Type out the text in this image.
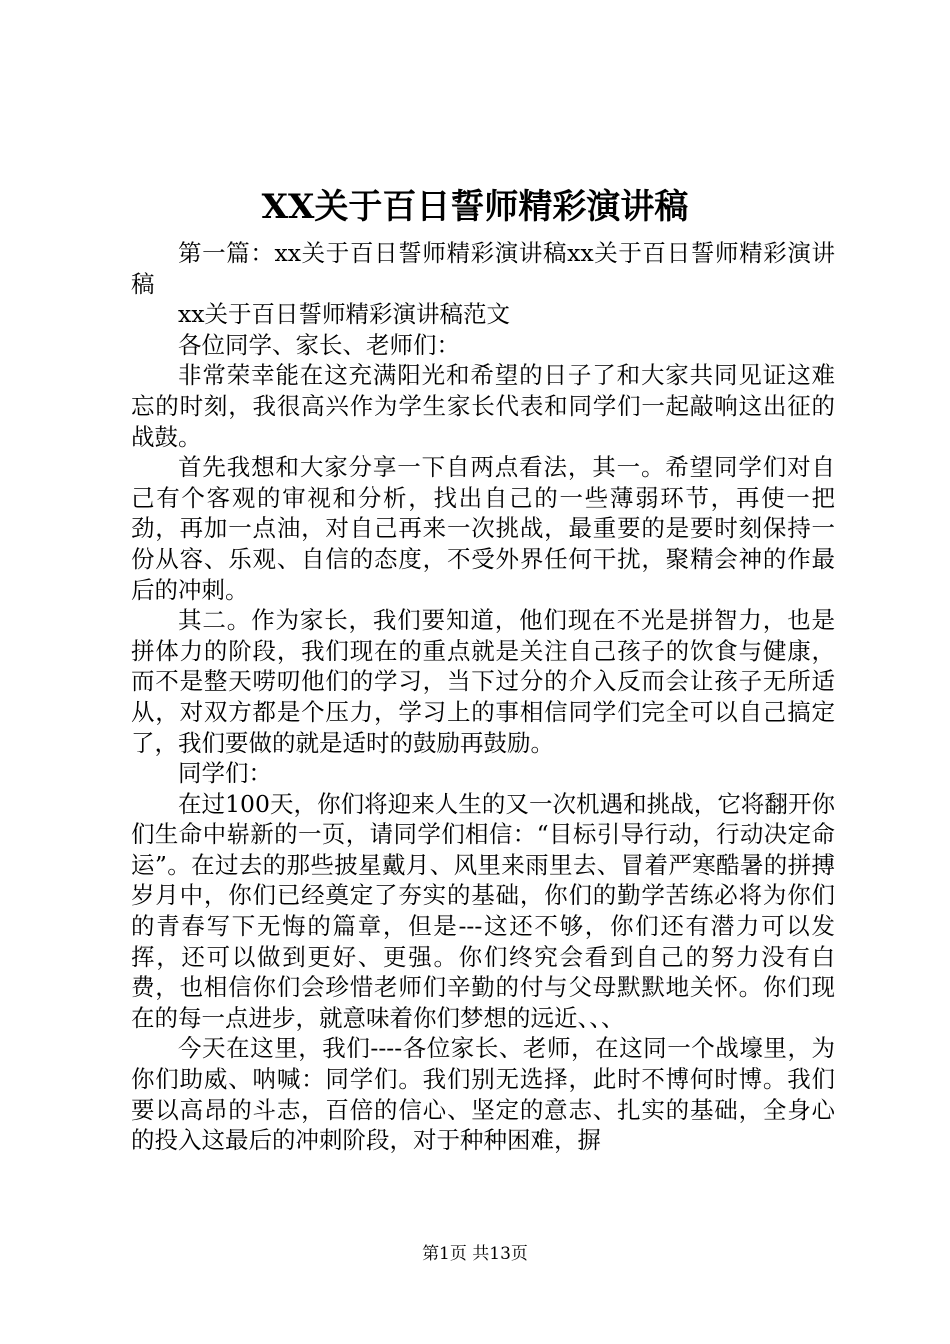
XX关于百日誓师精彩演讲稿

第一篇：xx关于百日誓师精彩演讲稿xx关于百日誓师精彩演讲稿

xx关于百日誓师精彩演讲稿范文

各位同学、家长、老师们：

非常荣幸能在这充满阳光和希望的日子了和大家共同见证这难忘的时刻，我很高兴作为学生家长代表和同学们一起敲响这出征的战鼓。

首先我想和大家分享一下自两点看法，其一。希望同学们对自己有个客观的审视和分析，找出自己的一些薄弱环节，再使一把劲，再加一点油，对自己再来一次挑战，最重要的是要时刻保持一份从容、乐观、自信的态度，不受外界任何干扰，聚精会神的作最后的冲刺。

其二。作为家长，我们要知道，他们现在不光是拼智力，也是拼体力的阶段，我们现在的重点就是关注自己孩子的饮食与健康，而不是整天唠叨他们的学习，当下过分的介入反而会让孩子无所适从，对双方都是个压力，学习上的事相信同学们完全可以自己搞定了，我们要做的就是适时的鼓励再鼓励。

同学们：

在过100天，你们将迎来人生的又一次机遇和挑战，它将翻开你们生命中崭新的一页，请同学们相信：“目标引导行动，行动决定命运”。在过去的那些披星戴月、风里来雨里去、冒着严寒酷暑的拼搏岁月中，你们已经奠定了夯实的基础，你们的勤学苦练必将为你们的青春写下无悔的篇章，但是---这还不够，你们还有潜力可以发挥，还可以做到更好、更强。你们终究会看到自己的努力没有白费，也相信你们会珍惜老师们辛勤的付与父母默默地关怀。你们现在的每一点进步，就意味着你们梦想的远近、、、

今天在这里，我们----各位家长、老师，在这同一个战壕里，为你们助威、呐喊：同学们。我们别无选择，此时不博何时博。我们要以高昂的斗志，百倍的信心、坚定的意志、扎实的基础，全身心的投入这最后的冲刺阶段，对于种种困难，摒

第1页 共13页
